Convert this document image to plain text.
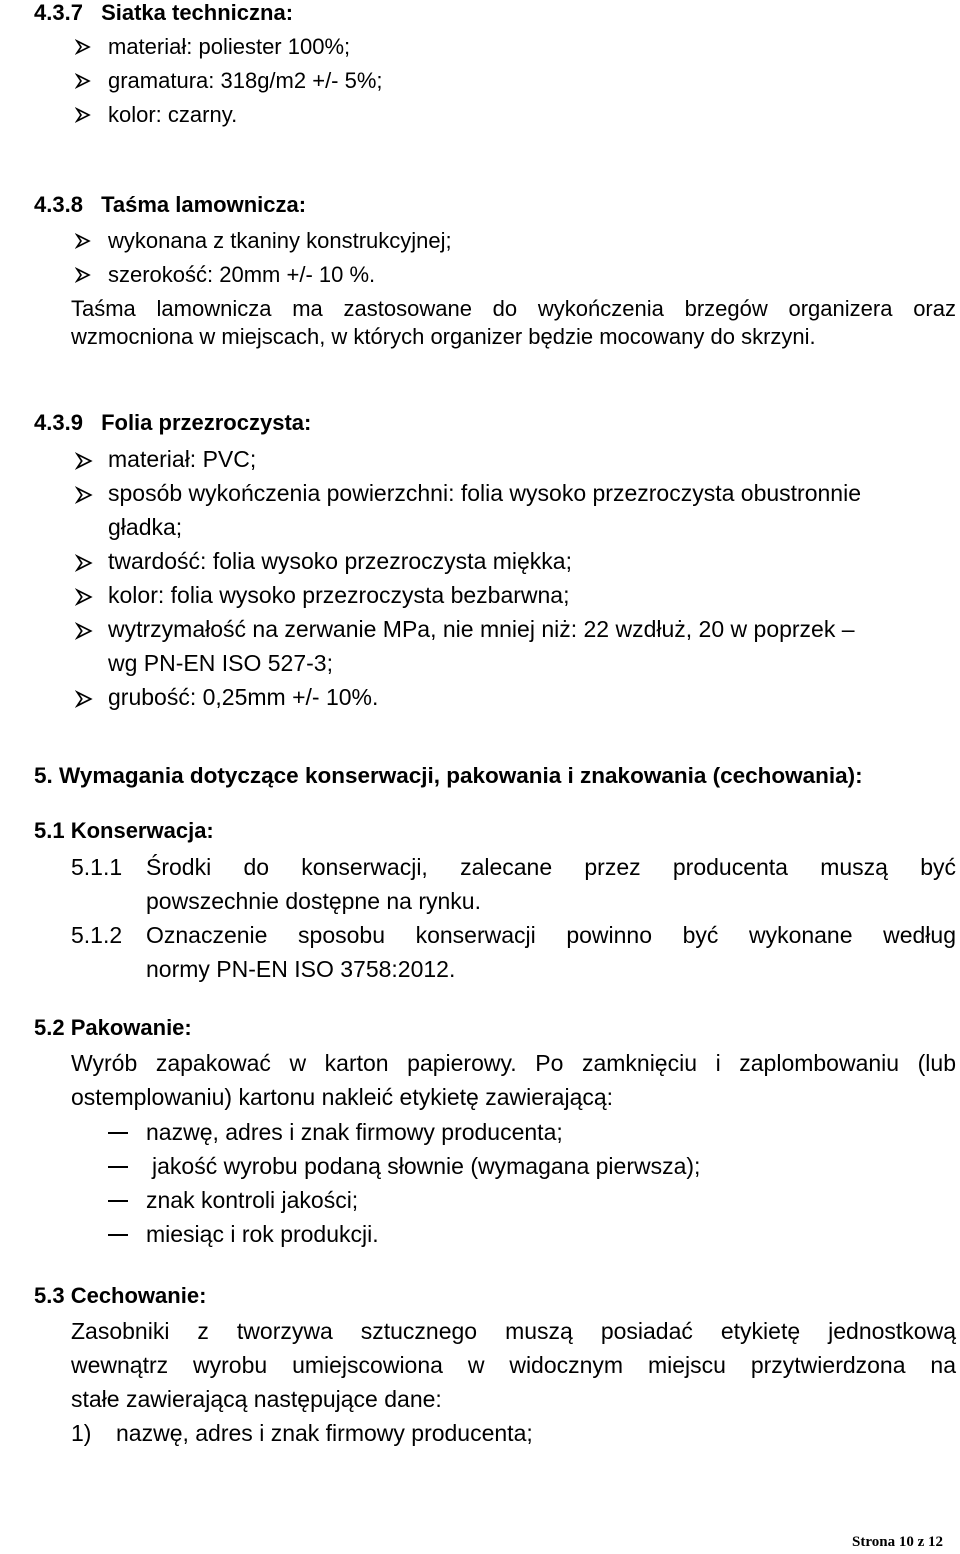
4.3.7 Siatka techniczna:
materiał: poliester 100%;
gramatura: 318g/m2 +/- 5%;
kolor: czarny.
4.3.8 Taśma lamownicza:
wykonana z tkaniny konstrukcyjnej;
szerokość: 20mm +/- 10 %.
Taśma lamownicza ma zastosowane do wykończenia brzegów organizera oraz
wzmocniona w miejscach, w których organizer będzie mocowany do skrzyni.
4.3.9 Folia przezroczysta:
materiał: PVC;
sposób wykończenia powierzchni: folia wysoko przezroczysta obustronnie
gładka;
twardość: folia wysoko przezroczysta miękka;
kolor: folia wysoko przezroczysta bezbarwna;
wytrzymałość na zerwanie MPa, nie mniej niż: 22 wzdłuż, 20 w poprzek –
wg PN-EN ISO 527-3;
grubość: 0,25mm +/- 10%.
5. Wymagania dotyczące konserwacji, pakowania i znakowania (cechowania):
5.1 Konserwacja:
5.1.1 Środki do konserwacji, zalecane przez producenta muszą być
powszechnie dostępne na rynku.
5.1.2 Oznaczenie sposobu konserwacji powinno być wykonane według
normy PN-EN ISO 3758:2012.
5.2 Pakowanie:
Wyrób zapakować w karton papierowy. Po zamknięciu i zaplombowaniu (lub
ostemplowaniu) kartonu nakleić etykietę zawierającą:
nazwę, adres i znak firmowy producenta;
jakość wyrobu podaną słownie (wymagana pierwsza);
znak kontroli jakości;
miesiąc i rok produkcji.
5.3 Cechowanie:
Zasobniki z tworzywa sztucznego muszą posiadać etykietę jednostkową
wewnątrz wyrobu umiejscowiona w widocznym miejscu przytwierdzona na
stałe zawierającą następujące dane:
1) nazwę, adres i znak firmowy producenta;
Strona 10 z 12
